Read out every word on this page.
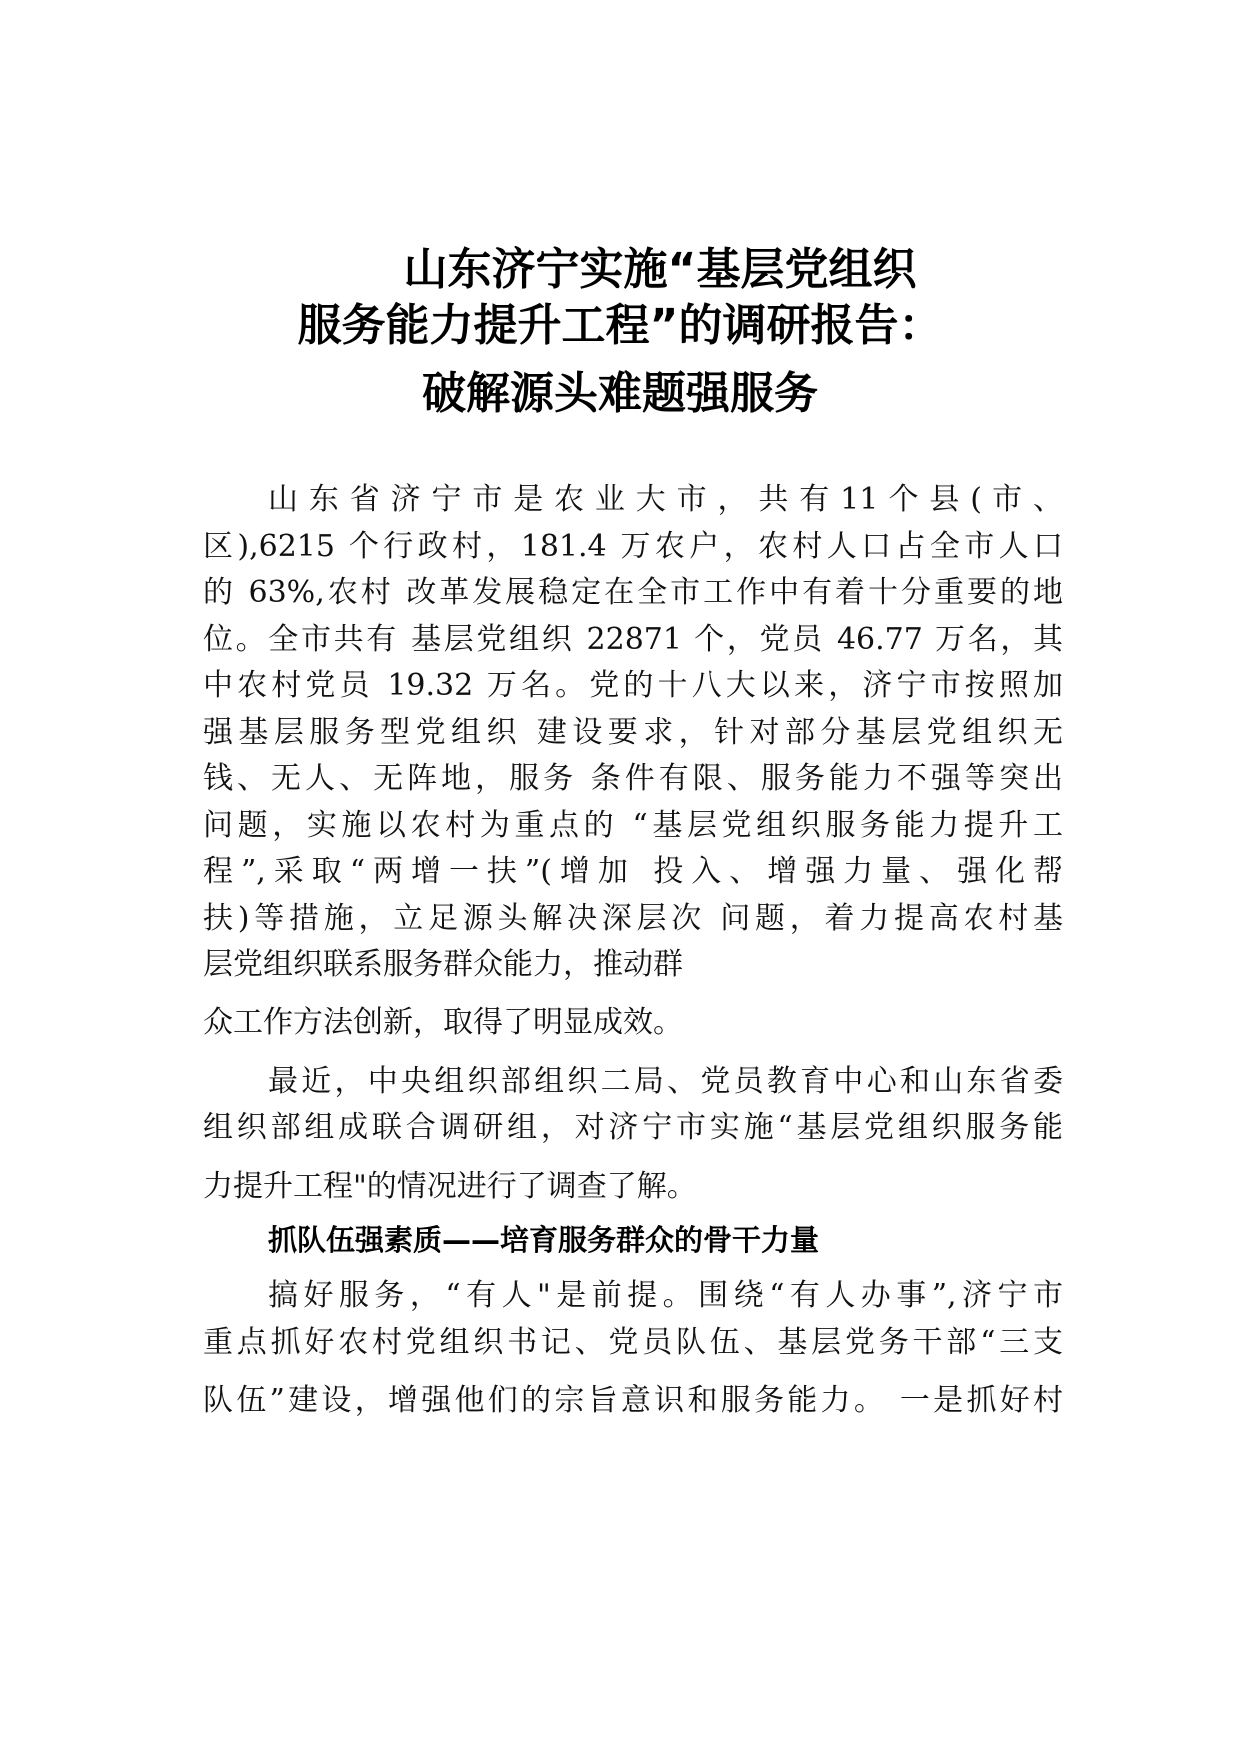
山东济宁实施“基层党组织
服务能力提升工程”的调研报告：
破解源头难题强服务
山 东 省 济 宁 市 是 农 业 大 市 ， 共 有 11 个 县 ( 市 、
区),6215 个行政村，181.4 万农户，农村人口占全市人口
的 63%,农村 改革发展稳定在全市工作中有着十分重要的地
位。全市共有 基层党组织 22871 个，党员 46.77 万名，其
中农村党员 19.32 万名。党的十八大以来，济宁市按照加
强基层服务型党组织 建设要求，针对部分基层党组织无
钱、无人、无阵地，服务 条件有限、服务能力不强等突出
问题，实施以农村为重点的 “基层党组织服务能力提升工
程”,采取“两增一扶”(增加 投入、增强力量、强化帮
扶)等措施，立足源头解决深层次 问题，着力提高农村基
层党组织联系服务群众能力，推动群
众工作方法创新，取得了明显成效。
最近，中央组织部组织二局、党员教育中心和山东省委
组织部组成联合调研组，对济宁市实施“基层党组织服务能
力提升工程"的情况进行了调查了解。
抓队伍强素质——培育服务群众的骨干力量
搞好服务，“有人"是前提。围绕“有人办事”,济宁市
重点抓好农村党组织书记、党员队伍、基层党务干部“三支
队伍”建设，增强他们的宗旨意识和服务能力。 一是抓好村
